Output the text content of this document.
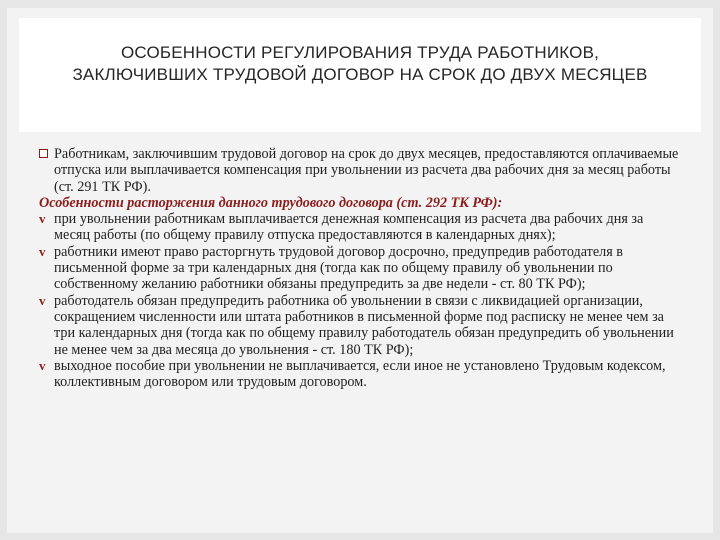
ОСОБЕННОСТИ РЕГУЛИРОВАНИЯ ТРУДА РАБОТНИКОВ, ЗАКЛЮЧИВШИХ ТРУДОВОЙ ДОГОВОР НА СРОК ДО ДВУХ МЕСЯЦЕВ
Работникам, заключившим трудовой договор на срок до двух месяцев, предоставляются оплачиваемые отпуска или выплачивается компенсация при увольнении из расчета два рабочих дня за месяц работы (ст. 291 ТК РФ).
Особенности расторжения данного трудового договора (ст. 292 ТК РФ):
v при увольнении работникам выплачивается денежная компенсация из расчета два рабочих дня за месяц работы (по общему правилу отпуска предоставляются в календарных днях);
v работники имеют право расторгнуть трудовой договор досрочно, предупредив работодателя в письменной форме за три календарных дня (тогда как по общему правилу об увольнении по собственному желанию работники обязаны предупредить за две недели - ст. 80 ТК РФ);
v работодатель обязан предупредить работника об увольнении в связи с ликвидацией организации, сокращением численности или штата работников в письменной форме под расписку не менее чем за три календарных дня (тогда как по общему правилу работодатель обязан предупредить об увольнении не менее чем за два месяца до увольнения - ст. 180 ТК РФ);
v выходное пособие при увольнении не выплачивается, если иное не установлено Трудовым кодексом, коллективным договором или трудовым договором.
